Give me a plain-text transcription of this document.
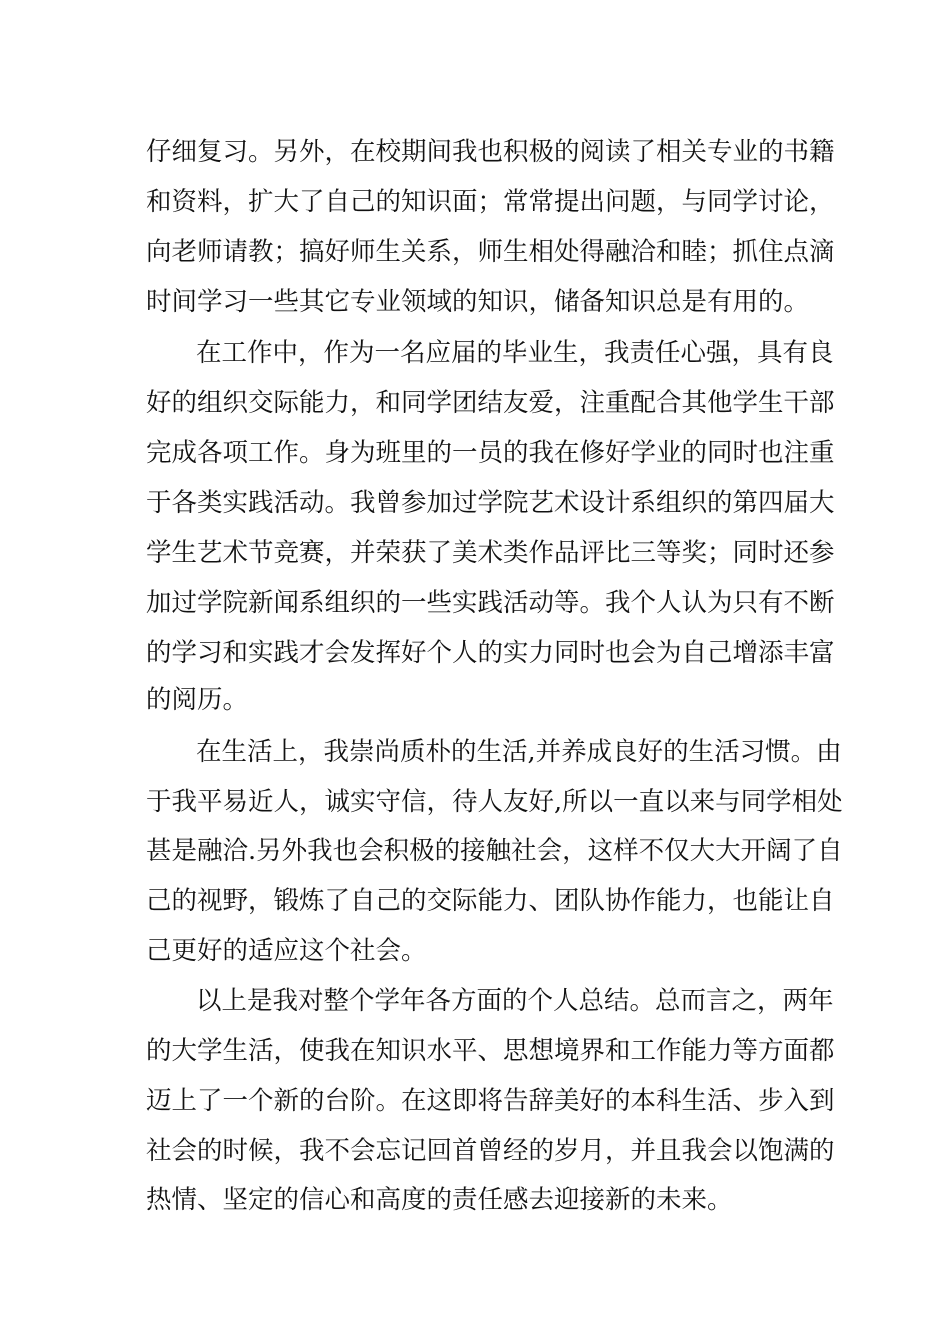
仔细复习。另外，在校期间我也积极的阅读了相关专业的书籍
和资料，扩大了自己的知识面；常常提出问题，与同学讨论，
向老师请教；搞好师生关系，师生相处得融洽和睦；抓住点滴
时间学习一些其它专业领域的知识，储备知识总是有用的。
在工作中，作为一名应届的毕业生，我责任心强，具有良
好的组织交际能力，和同学团结友爱，注重配合其他学生干部
完成各项工作。身为班里的一员的我在修好学业的同时也注重
于各类实践活动。我曾参加过学院艺术设计系组织的第四届大
学生艺术节竞赛，并荣获了美术类作品评比三等奖；同时还参
加过学院新闻系组织的一些实践活动等。我个人认为只有不断
的学习和实践才会发挥好个人的实力同时也会为自己增添丰富
的阅历。
在生活上，我崇尚质朴的生活,并养成良好的生活习惯。由
于我平易近人，诚实守信，待人友好,所以一直以来与同学相处
甚是融洽.另外我也会积极的接触社会，这样不仅大大开阔了自
己的视野，锻炼了自己的交际能力、团队协作能力，也能让自
己更好的适应这个社会。
以上是我对整个学年各方面的个人总结。总而言之，两年
的大学生活，使我在知识水平、思想境界和工作能力等方面都
迈上了一个新的台阶。在这即将告辞美好的本科生活、步入到
社会的时候，我不会忘记回首曾经的岁月，并且我会以饱满的
热情、坚定的信心和高度的责任感去迎接新的未来。
